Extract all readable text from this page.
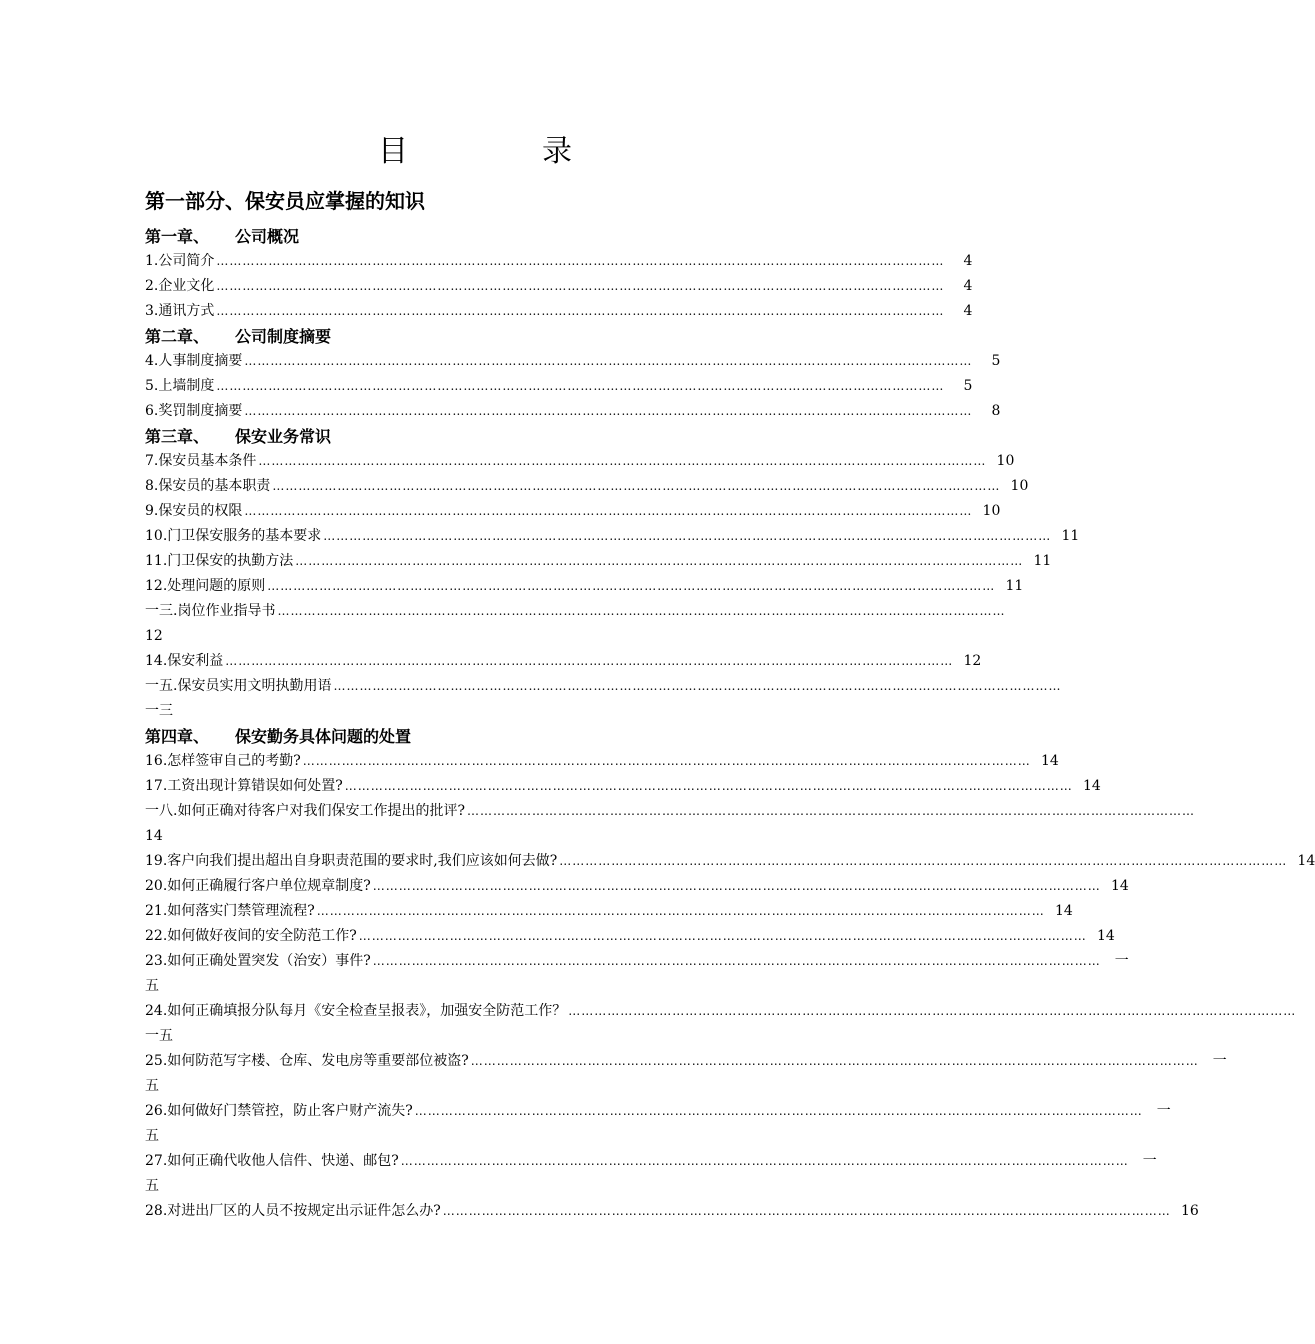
目　录
第一部分、保安员应掌握的知识
第一章、 公司概况
1.公司简介 ……………………………………………………………………………………………………………………………………………………	4
2.企业文化 ……………………………………………………………………………………………………………………………………………………	4
3.通讯方式 ……………………………………………………………………………………………………………………………………………………	4
第二章、 公司制度摘要
4.人事制度摘要 ……………………………………………………………………………………………………………………………………………………	5
5.上墙制度 ……………………………………………………………………………………………………………………………………………………	5
6.奖罚制度摘要 ……………………………………………………………………………………………………………………………………………………	8
第三章、 保安业务常识
7.保安员基本条件 …………………………………………………………………………………………………………………………………………………… 10
8.保安员的基本职责 …………………………………………………………………………………………………………………………………………………… 10
9.保安员的权限 …………………………………………………………………………………………………………………………………………………… 10
10.门卫保安服务的基本要求 …………………………………………………………………………………………………………………………………………………… 11
11.门卫保安的执勤方法 …………………………………………………………………………………………………………………………………………………… 11
12.处理问题的原则 …………………………………………………………………………………………………………………………………………………… 11
一三.岗位作业指导书 ……………………………………………………………………………………………………………………………………………………
12
14.保安利益 …………………………………………………………………………………………………………………………………………………… 12
一五.保安员实用文明执勤用语 ……………………………………………………………………………………………………………………………………………………
一三
第四章、 保安勤务具体问题的处置
16.怎样签审自己的考勤? …………………………………………………………………………………………………………………………………………………… 14
17.工资出现计算错误如何处置? …………………………………………………………………………………………………………………………………………………… 14
一八.如何正确对待客户对我们保安工作提出的批评? ……………………………………………………………………………………………………………………………………………………
14
19.客户向我们提出超出自身职责范围的要求时,我们应该如何去做? …………………………………………………………………………………………………………………………………………………… 14
20.如何正确履行客户单位规章制度? …………………………………………………………………………………………………………………………………………………… 14
21.如何落实门禁管理流程? …………………………………………………………………………………………………………………………………………………… 14
22.如何做好夜间的安全防范工作? …………………………………………………………………………………………………………………………………………………… 14
23.如何正确处置突发（治安）事件? ……………………………………………………………………………………………………………………………………………………	一
五
24.如何正确填报分队每月《安全检查呈报表》，加强安全防范工作？ ……………………………………………………………………………………………………………………………………………………
一五
25.如何防范写字楼、仓库、发电房等重要部位被盗? ……………………………………………………………………………………………………………………………………………………	一
五
26.如何做好门禁管控，防止客户财产流失? ……………………………………………………………………………………………………………………………………………………	一
五
27.如何正确代收他人信件、快递、邮包? ……………………………………………………………………………………………………………………………………………………	一
五
28.对进出厂区的人员不按规定出示证件怎么办? …………………………………………………………………………………………………………………………………………………… 16
